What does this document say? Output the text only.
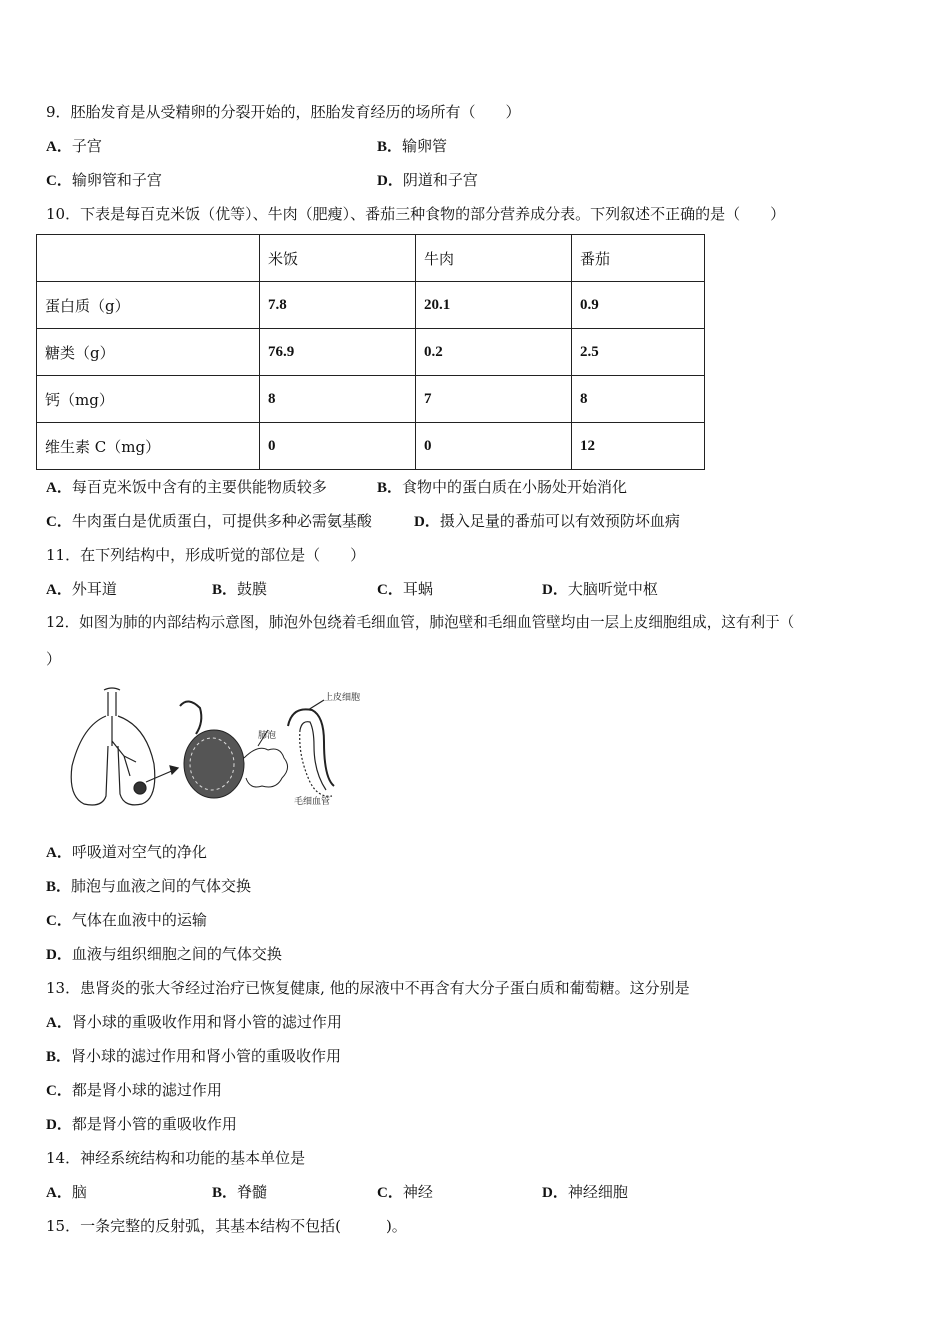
9．胚胎发育是从受精卵的分裂开始的，胚胎发育经历的场所有（　　）
A．子宫	B．输卵管
C．输卵管和子宫	D．阴道和子宫
10．下表是每百克米饭（优等）、牛肉（肥瘦）、番茄三种食物的部分营养成分表。下列叙述不正确的是（　　）
	米饭	牛肉	番茄
蛋白质（g）	7.8	20.1	0.9
糖类（g）	76.9	0.2	2.5
钙（mg）	8	7	8
维生素 C（mg）	0	0	12
A．每百克米饭中含有的主要供能物质较多	B．食物中的蛋白质在小肠处开始消化
C．牛肉蛋白是优质蛋白，可提供多种必需氨基酸	D．摄入足量的番茄可以有效预防坏血病
11．在下列结构中，形成听觉的部位是（　　）
A．外耳道	B．鼓膜	C．耳蜗	D．大脑听觉中枢
12．如图为肺的内部结构示意图，肺泡外包绕着毛细血管，肺泡壁和毛细血管壁均由一层上皮细胞组成，这有利于（
）
肺泡
上皮细胞
毛细血管
A．呼吸道对空气的净化
B．肺泡与血液之间的气体交换
C．气体在血液中的运输
D．血液与组织细胞之间的气体交换
13．患肾炎的张大爷经过治疗已恢复健康, 他的尿液中不再含有大分子蛋白质和葡萄糖。这分别是
A．肾小球的重吸收作用和肾小管的滤过作用
B．肾小球的滤过作用和肾小管的重吸收作用
C．都是肾小球的滤过作用
D．都是肾小管的重吸收作用
14．神经系统结构和功能的基本单位是
A．脑	B．脊髓	C．神经	D．神经细胞
15．一条完整的反射弧，其基本结构不包括(　　　)。
